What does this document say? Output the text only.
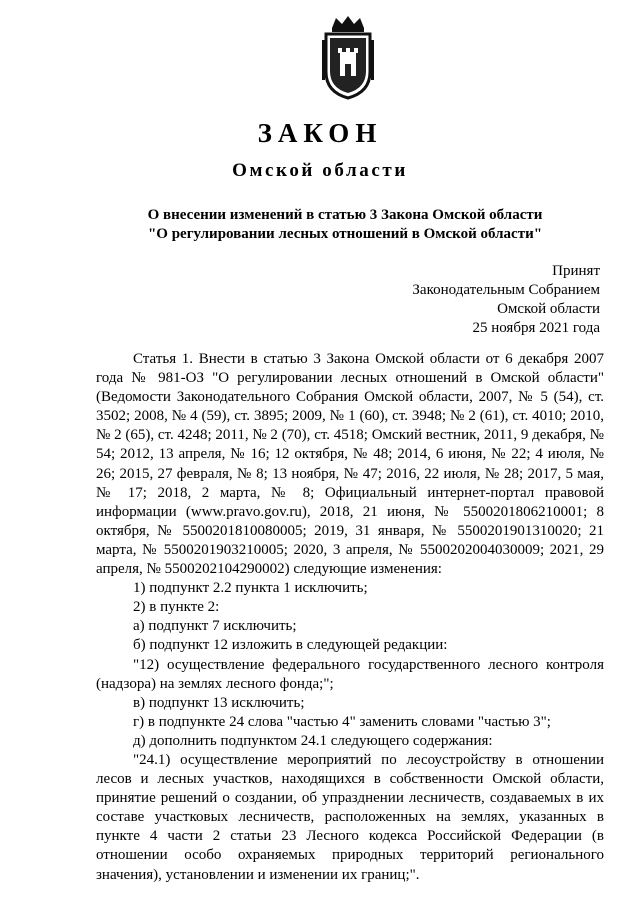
ЗАКОН
Омской области
О внесении изменений в статью 3 Закона Омской области
"О регулировании лесных отношений в Омской области"
Принят
Законодательным Собранием
Омской области
25 ноября 2021 года

Статья 1. Внести в статью 3 Закона Омской области от 6 декабря 2007 года № 981-ОЗ "О регулировании лесных отношений в Омской области" (Ведомости Законодательного Собрания Омской области, 2007, № 5 (54), ст. 3502; 2008, № 4 (59), ст. 3895; 2009, № 1 (60), ст. 3948; № 2 (61), ст. 4010; 2010, № 2 (65), ст. 4248; 2011, № 2 (70), ст. 4518; Омский вестник, 2011, 9 декабря, № 54; 2012, 13 апреля, № 16; 12 октября, № 48; 2014, 6 июня, № 22; 4 июля, № 26; 2015, 27 февраля, № 8; 13 ноября, № 47; 2016, 22 июля, № 28; 2017, 5 мая, № 17; 2018, 2 марта, № 8; Официальный интернет-портал правовой информации (www.pravo.gov.ru), 2018, 21 июня, № 5500201806210001; 8 октября, № 5500201810080005; 2019, 31 января, № 5500201901310020; 21 марта, № 5500201903210005; 2020, 3 апреля, № 5500202004030009; 2021, 29 апреля, № 5500202104290002) следующие изменения:

1) подпункт 2.2 пункта 1 исключить;

2) в пункте 2:

а) подпункт 7 исключить;

б) подпункт 12 изложить в следующей редакции:

"12) осуществление федерального государственного лесного контроля (надзора) на землях лесного фонда;";

в) подпункт 13 исключить;

г) в подпункте 24 слова "частью 4" заменить словами "частью 3";

д) дополнить подпунктом 24.1 следующего содержания:

"24.1) осуществление мероприятий по лесоустройству в отношении лесов и лесных участков, находящихся в собственности Омской области, принятие решений о создании, об упразднении лесничеств, создаваемых в их составе участковых лесничеств, расположенных на землях, указанных в пункте 4 части 2 статьи 23 Лесного кодекса Российской Федерации (в отношении особо охраняемых природных территорий регионального значения), установлении и изменении их границ;".
